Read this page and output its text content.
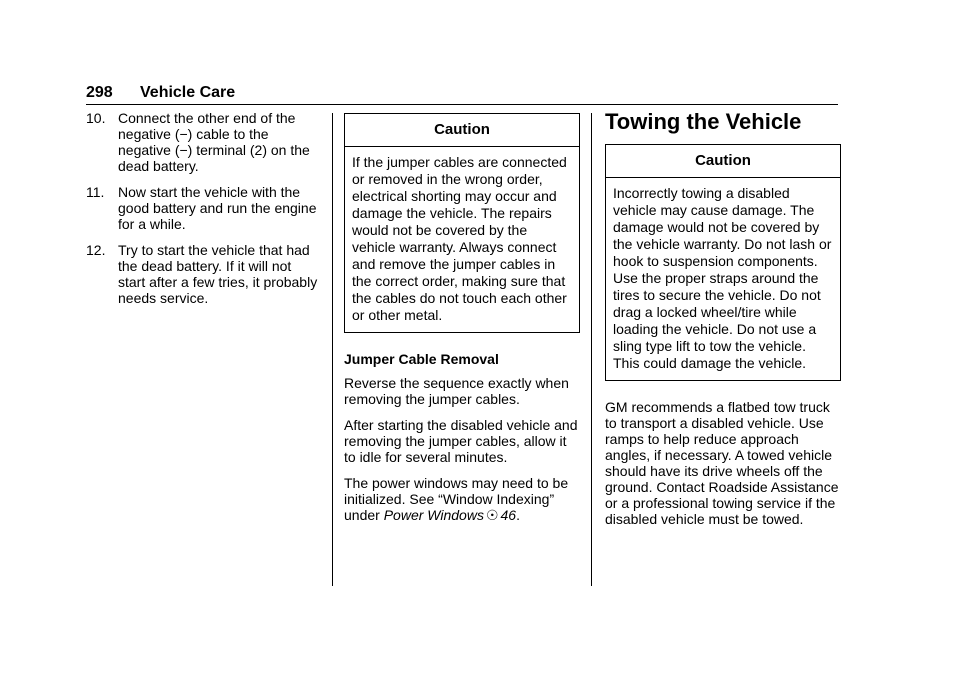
298 Vehicle Care
10. Connect the other end of the negative (−) cable to the negative (−) terminal (2) on the dead battery.
11. Now start the vehicle with the good battery and run the engine for a while.
12. Try to start the vehicle that had the dead battery. If it will not start after a few tries, it probably needs service.
Caution
If the jumper cables are connected or removed in the wrong order, electrical shorting may occur and damage the vehicle. The repairs would not be covered by the vehicle warranty. Always connect and remove the jumper cables in the correct order, making sure that the cables do not touch each other or other metal.
Jumper Cable Removal
Reverse the sequence exactly when removing the jumper cables.
After starting the disabled vehicle and removing the jumper cables, allow it to idle for several minutes.
The power windows may need to be initialized. See “Window Indexing” under Power Windows ☉ 46.
Towing the Vehicle
Caution
Incorrectly towing a disabled vehicle may cause damage. The damage would not be covered by the vehicle warranty. Do not lash or hook to suspension components. Use the proper straps around the tires to secure the vehicle. Do not drag a locked wheel/tire while loading the vehicle. Do not use a sling type lift to tow the vehicle. This could damage the vehicle.
GM recommends a flatbed tow truck to transport a disabled vehicle. Use ramps to help reduce approach angles, if necessary. A towed vehicle should have its drive wheels off the ground. Contact Roadside Assistance or a professional towing service if the disabled vehicle must be towed.
